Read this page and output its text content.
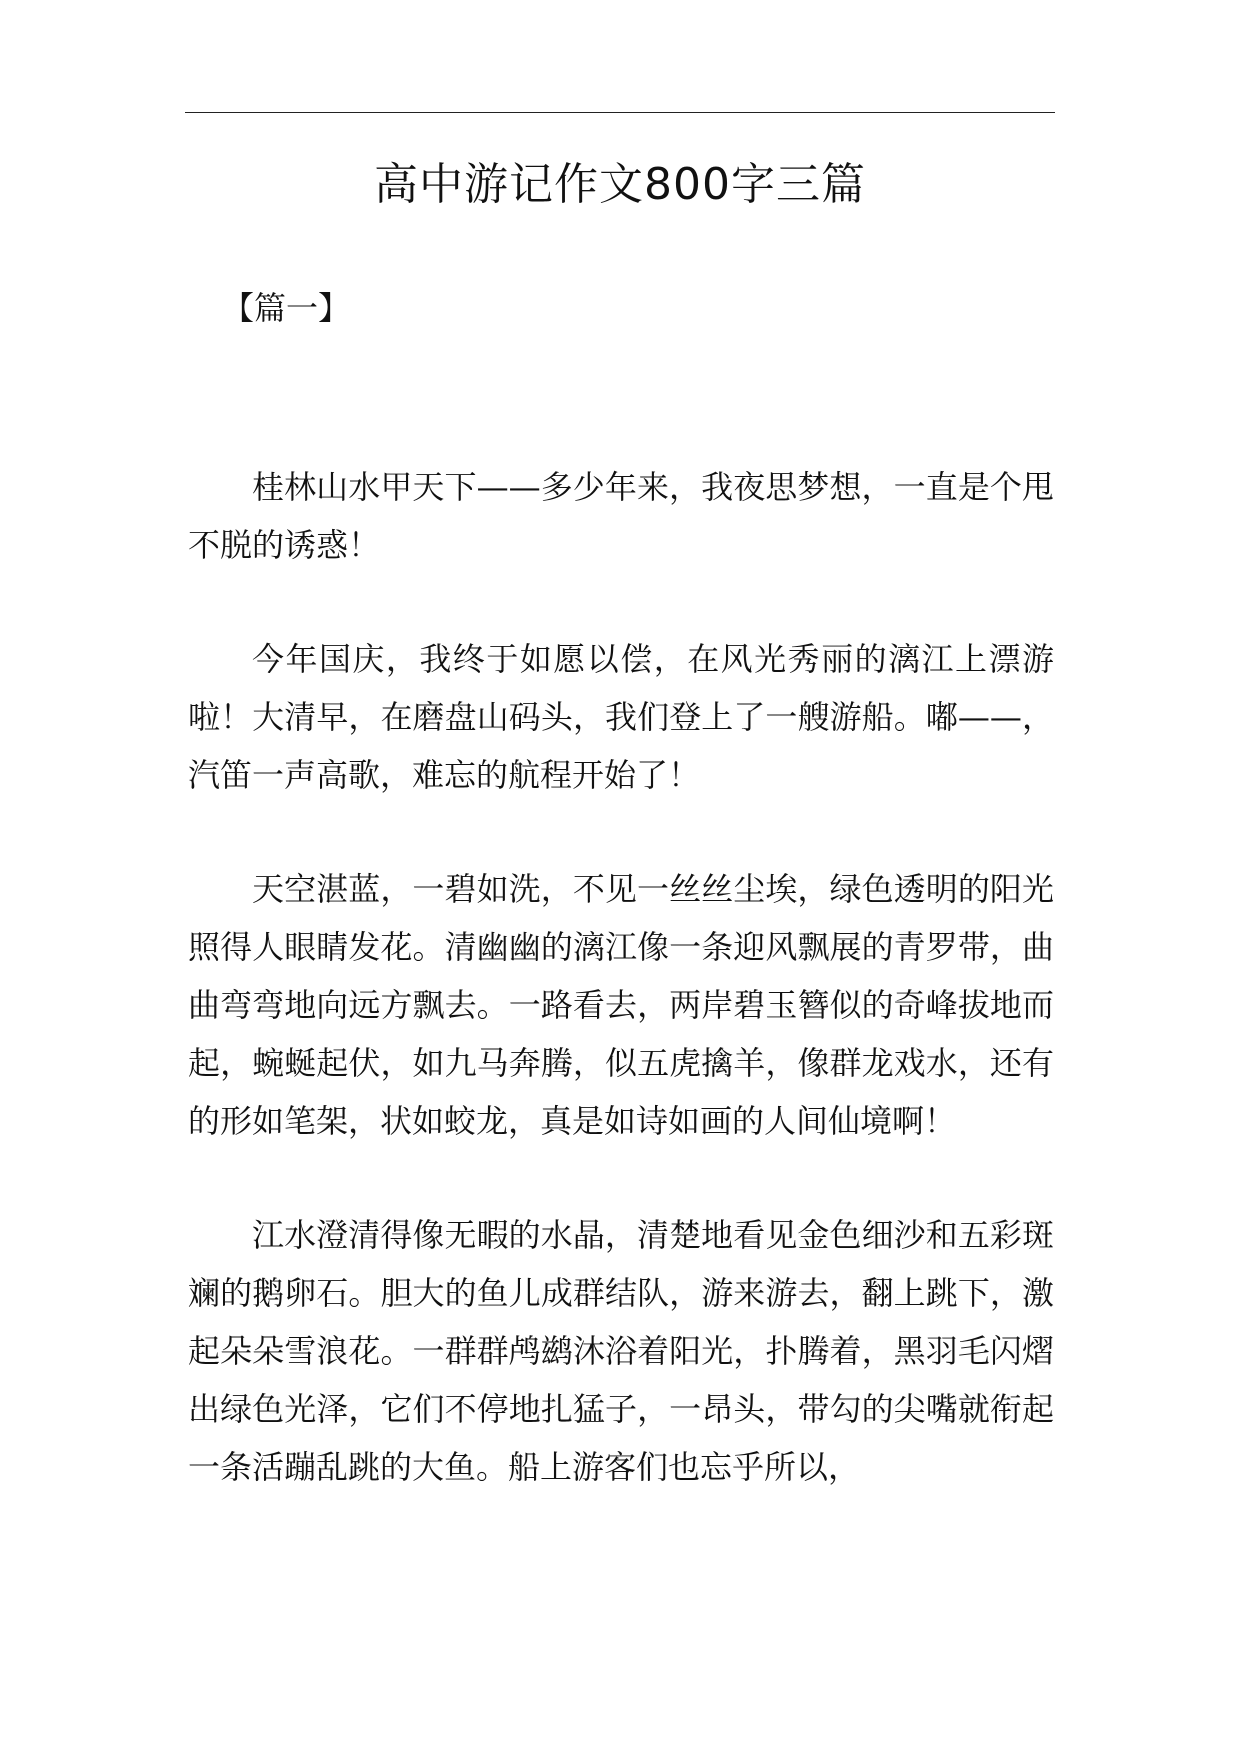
高中游记作文800字三篇

【篇一】

桂林山水甲天下——多少年来，我夜思梦想，一直是个甩不脱的诱惑！

今年国庆，我终于如愿以偿，在风光秀丽的漓江上漂游啦！大清早，在磨盘山码头，我们登上了一艘游船。嘟——，汽笛一声高歌，难忘的航程开始了！

天空湛蓝，一碧如洗，不见一丝丝尘埃，绿色透明的阳光照得人眼睛发花。清幽幽的漓江像一条迎风飘展的青罗带，曲曲弯弯地向远方飘去。一路看去，两岸碧玉簪似的奇峰拔地而起，蜿蜒起伏，如九马奔腾，似五虎擒羊，像群龙戏水，还有的形如笔架，状如蛟龙，真是如诗如画的人间仙境啊！

江水澄清得像无暇的水晶，清楚地看见金色细沙和五彩斑斓的鹅卵石。胆大的鱼儿成群结队，游来游去，翻上跳下，激起朵朵雪浪花。一群群鸬鹚沐浴着阳光，扑腾着，黑羽毛闪熠出绿色光泽，它们不停地扎猛子，一昂头，带勾的尖嘴就衔起一条活蹦乱跳的大鱼。船上游客们也忘乎所以，
